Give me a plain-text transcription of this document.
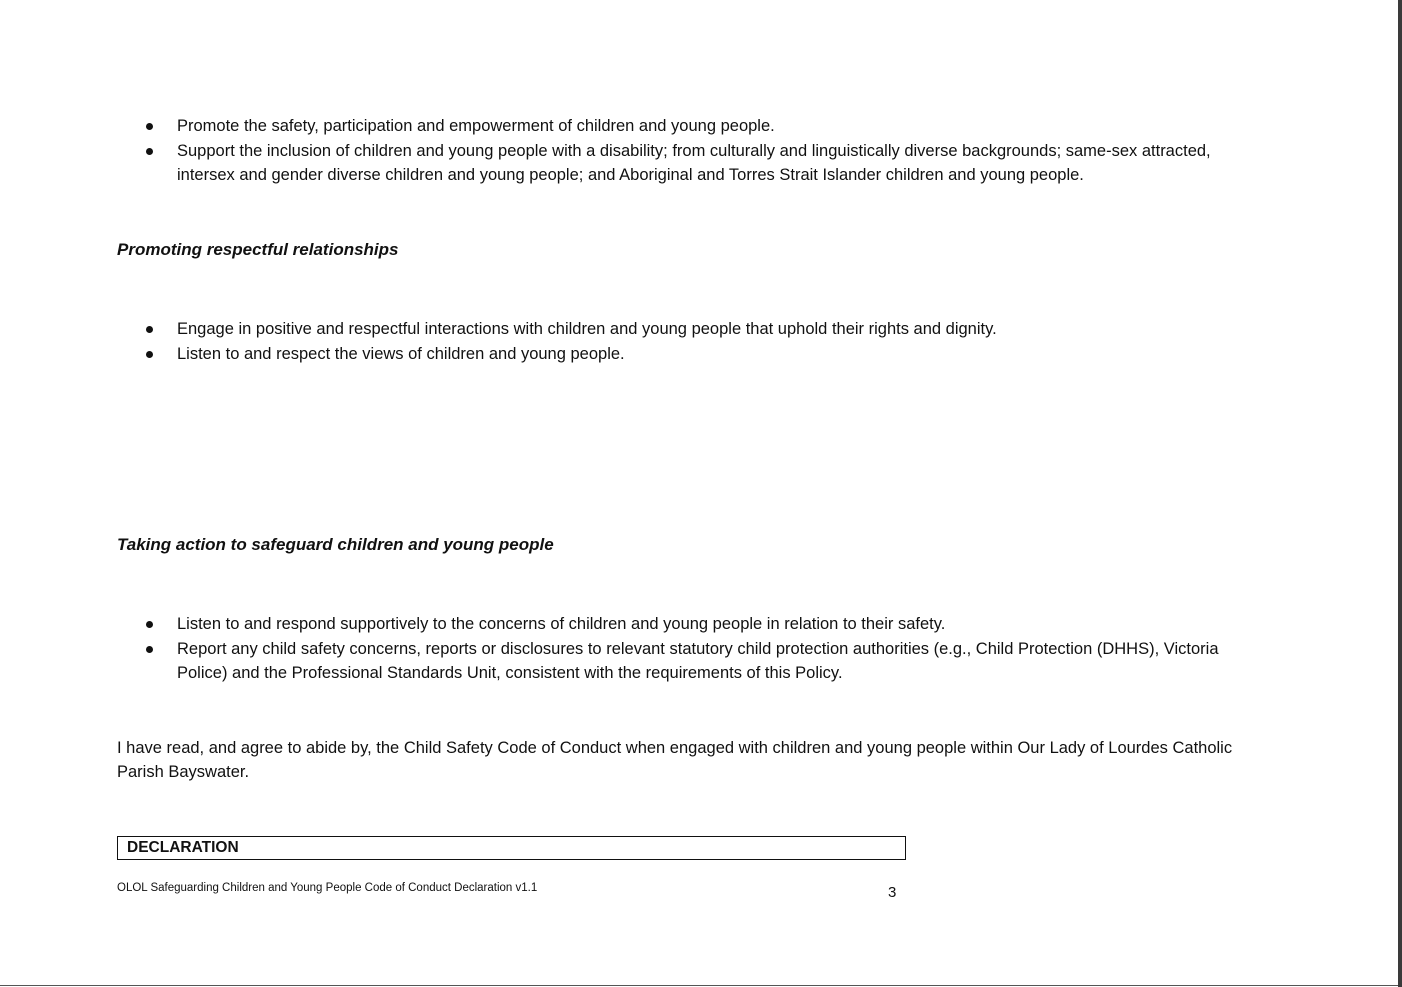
Promote the safety, participation and empowerment of children and young people.
Support the inclusion of children and young people with a disability; from culturally and linguistically diverse backgrounds; same-sex attracted, intersex and gender diverse children and young people; and Aboriginal and Torres Strait Islander children and young people.
Promoting respectful relationships
Engage in positive and respectful interactions with children and young people that uphold their rights and dignity.
Listen to and respect the views of children and young people.
Taking action to safeguard children and young people
Listen to and respond supportively to the concerns of children and young people in relation to their safety.
Report any child safety concerns, reports or disclosures to relevant statutory child protection authorities (e.g., Child Protection (DHHS), Victoria Police) and the Professional Standards Unit, consistent with the requirements of this Policy.

I have read, and agree to abide by, the Child Safety Code of Conduct when engaged with children and young people within Our Lady of Lourdes Catholic Parish Bayswater.

DECLARATION
OLOL Safeguarding Children and Young People Code of Conduct Declaration v1.1	3
